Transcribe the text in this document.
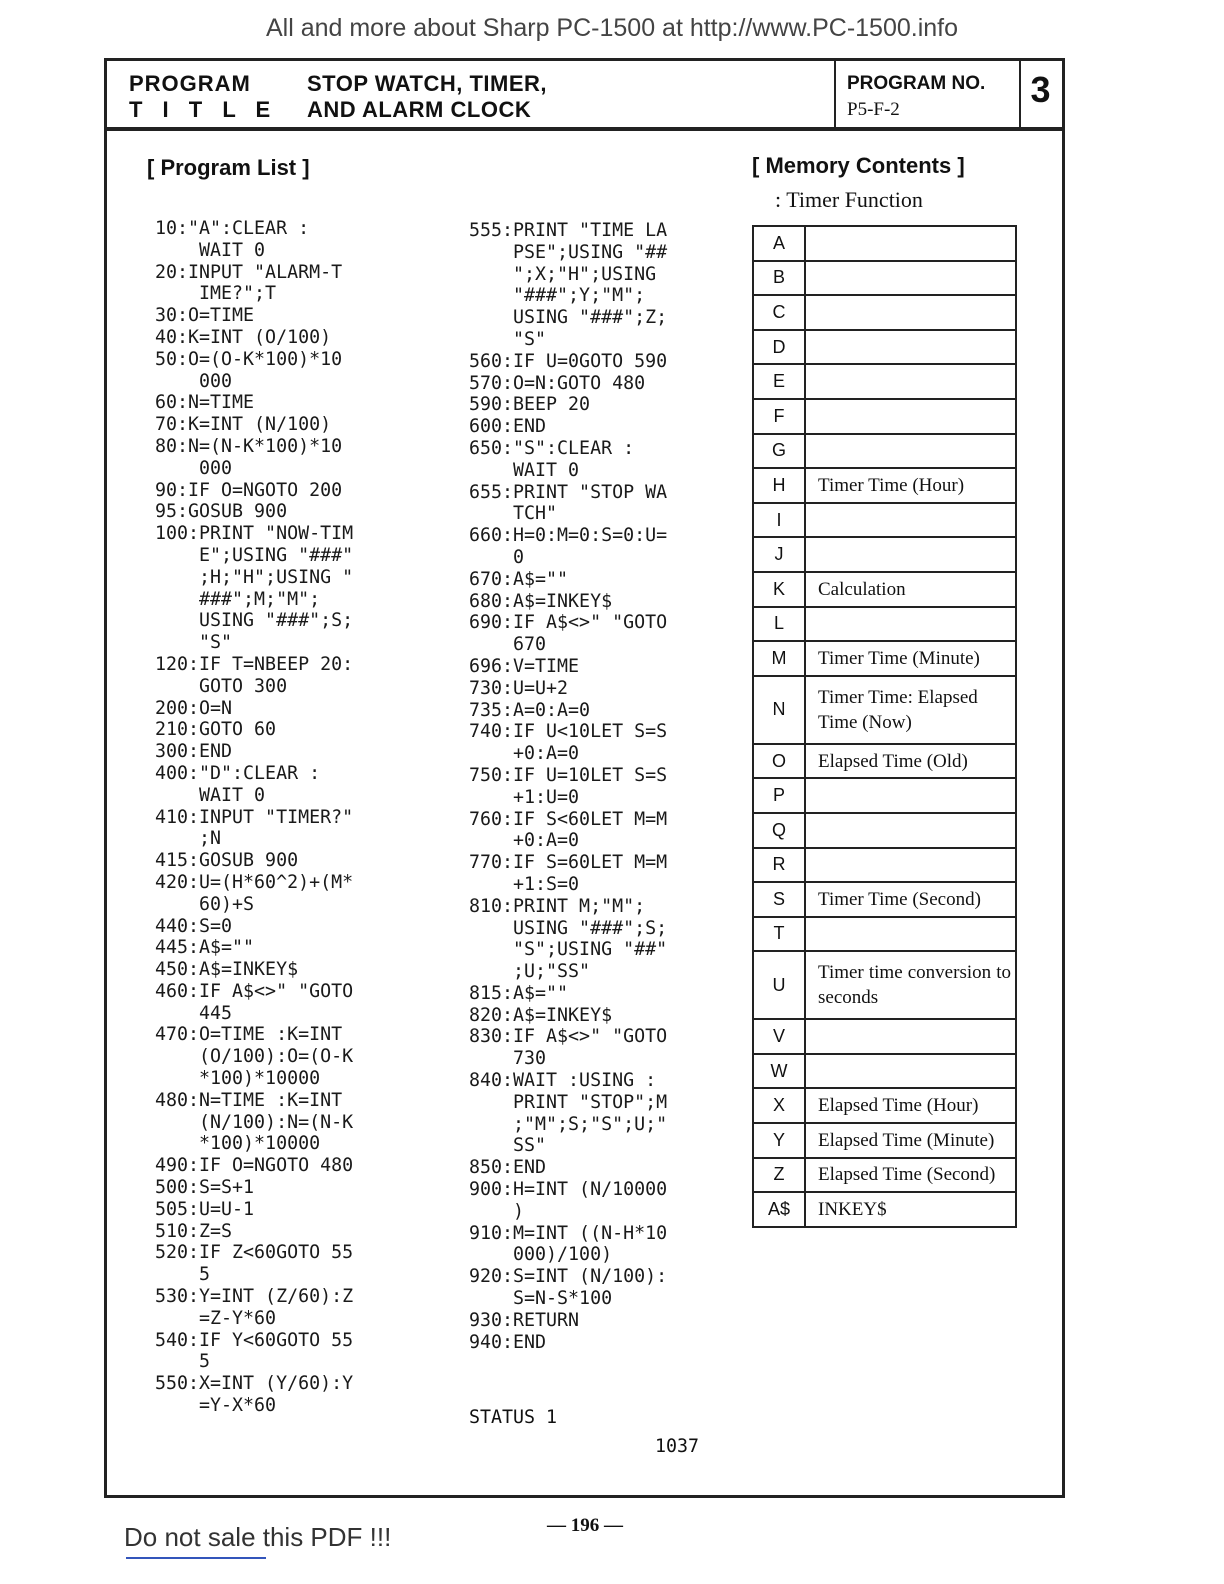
All and more about Sharp PC-1500 at http://www.PC-1500.info
PROGRAM
T I T L E
STOP WATCH, TIMER,
AND ALARM CLOCK
PROGRAM NO.
P5-F-2	3
[ Program List ]
10:"A":CLEAR :
WAIT 0
20:INPUT "ALARM-T
IME?";T
30:O=TIME
40:K=INT (O/100)
50:O=(O-K*100)*10
000
60:N=TIME
70:K=INT (N/100)
80:N=(N-K*100)*10
000
90:IF O=NGOTO 200
95:GOSUB 900
100:PRINT "NOW-TIM
E";USING "###"
;H;"H";USING "
###";M;"M";
USING "###";S;
"S"
120:IF T=NBEEP 20:
GOTO 300
200:O=N
210:GOTO 60
300:END
400:"D":CLEAR :
WAIT 0
410:INPUT "TIMER?"
;N
415:GOSUB 900
420:U=(H*60^2)+(M*
60)+S
440:S=0
445:A$=""
450:A$=INKEY$
460:IF A$<>" "GOTO
445
470:O=TIME :K=INT
(O/100):O=(O-K
*100)*10000
480:N=TIME :K=INT
(N/100):N=(N-K
*100)*10000
490:IF O=NGOTO 480
500:S=S+1
505:U=U-1
510:Z=S
520:IF Z<60GOTO 55
5
530:Y=INT (Z/60):Z
=Z-Y*60
540:IF Y<60GOTO 55
5
550:X=INT (Y/60):Y
=Y-X*60
555:PRINT "TIME LA
PSE";USING "##
";X;"H";USING
"###";Y;"M";
USING "###";Z;
"S"
560:IF U=0GOTO 590
570:O=N:GOTO 480
590:BEEP 20
600:END
650:"S":CLEAR :
WAIT 0
655:PRINT "STOP WA
TCH"
660:H=0:M=0:S=0:U=
0
670:A$=""
680:A$=INKEY$
690:IF A$<>" "GOTO
670
696:V=TIME
730:U=U+2
735:A=0:A=0
740:IF U<10LET S=S
+0:A=0
750:IF U=10LET S=S
+1:U=0
760:IF S<60LET M=M
+0:A=0
770:IF S=60LET M=M
+1:S=0
810:PRINT M;"M";
USING "###";S;
"S";USING "##"
;U;"SS"
815:A$=""
820:A$=INKEY$
830:IF A$<>" "GOTO
730
840:WAIT :USING :
PRINT "STOP";M
;"M";S;"S";U;"
SS"
850:END
900:H=INT (N/10000
)
910:M=INT ((N-H*10
000)/100)
920:S=INT (N/100):
S=N-S*100
930:RETURN
940:END
[ Memory Contents ]
: Timer Function
A	
B	
C	
D	
E	
F	
G	
H	Timer Time (Hour)
I	
J	
K	Calculation
L	
M	Timer Time (Minute)
N	Timer Time: Elapsed Time (Now)
O	Elapsed Time (Old)
P	
Q	
R	
S	Timer Time (Second)
T	
U	Timer time conversion to seconds
V	
W	
X	Elapsed Time (Hour)
Y	Elapsed Time (Minute)
Z	Elapsed Time (Second)
A$	INKEY$
STATUS 1
1037
— 196 —
Do not sale this PDF !!!
